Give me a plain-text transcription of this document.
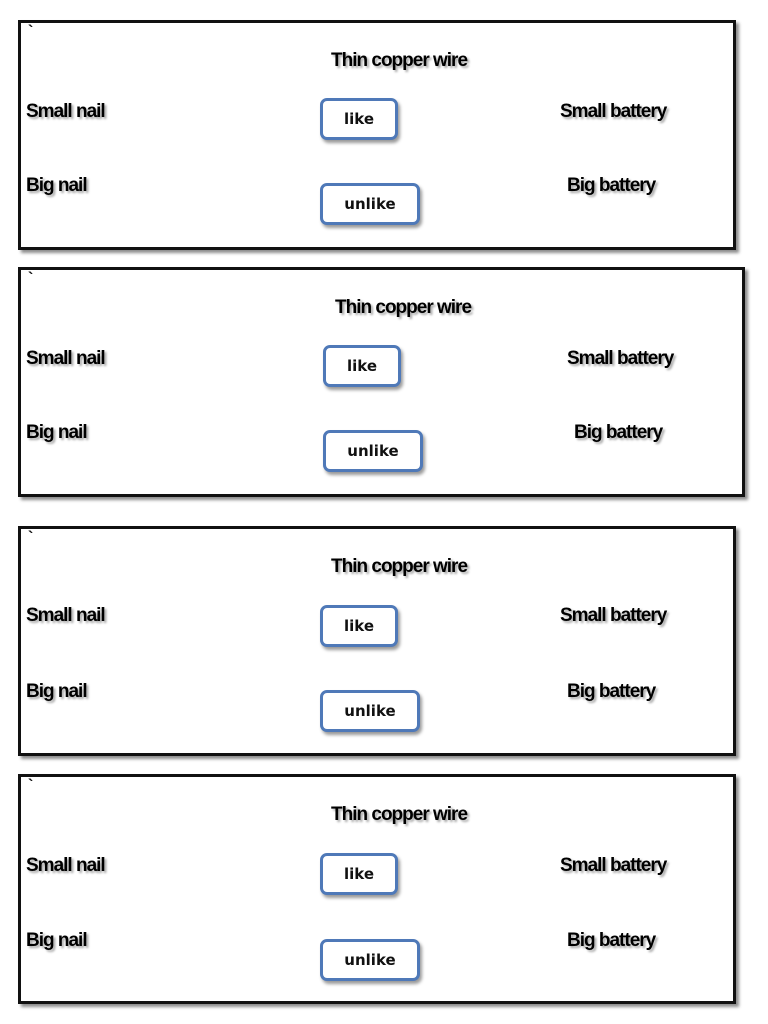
`
Thin copper wire
Small nail
Big nail
Small battery
Big battery
like
unlike
`
Thin copper wire
Small nail
Big nail
Small battery
Big battery
like
unlike
`
Thin copper wire
Small nail
Big nail
Small battery
Big battery
like
unlike
`
Thin copper wire
Small nail
Big nail
Small battery
Big battery
like
unlike
